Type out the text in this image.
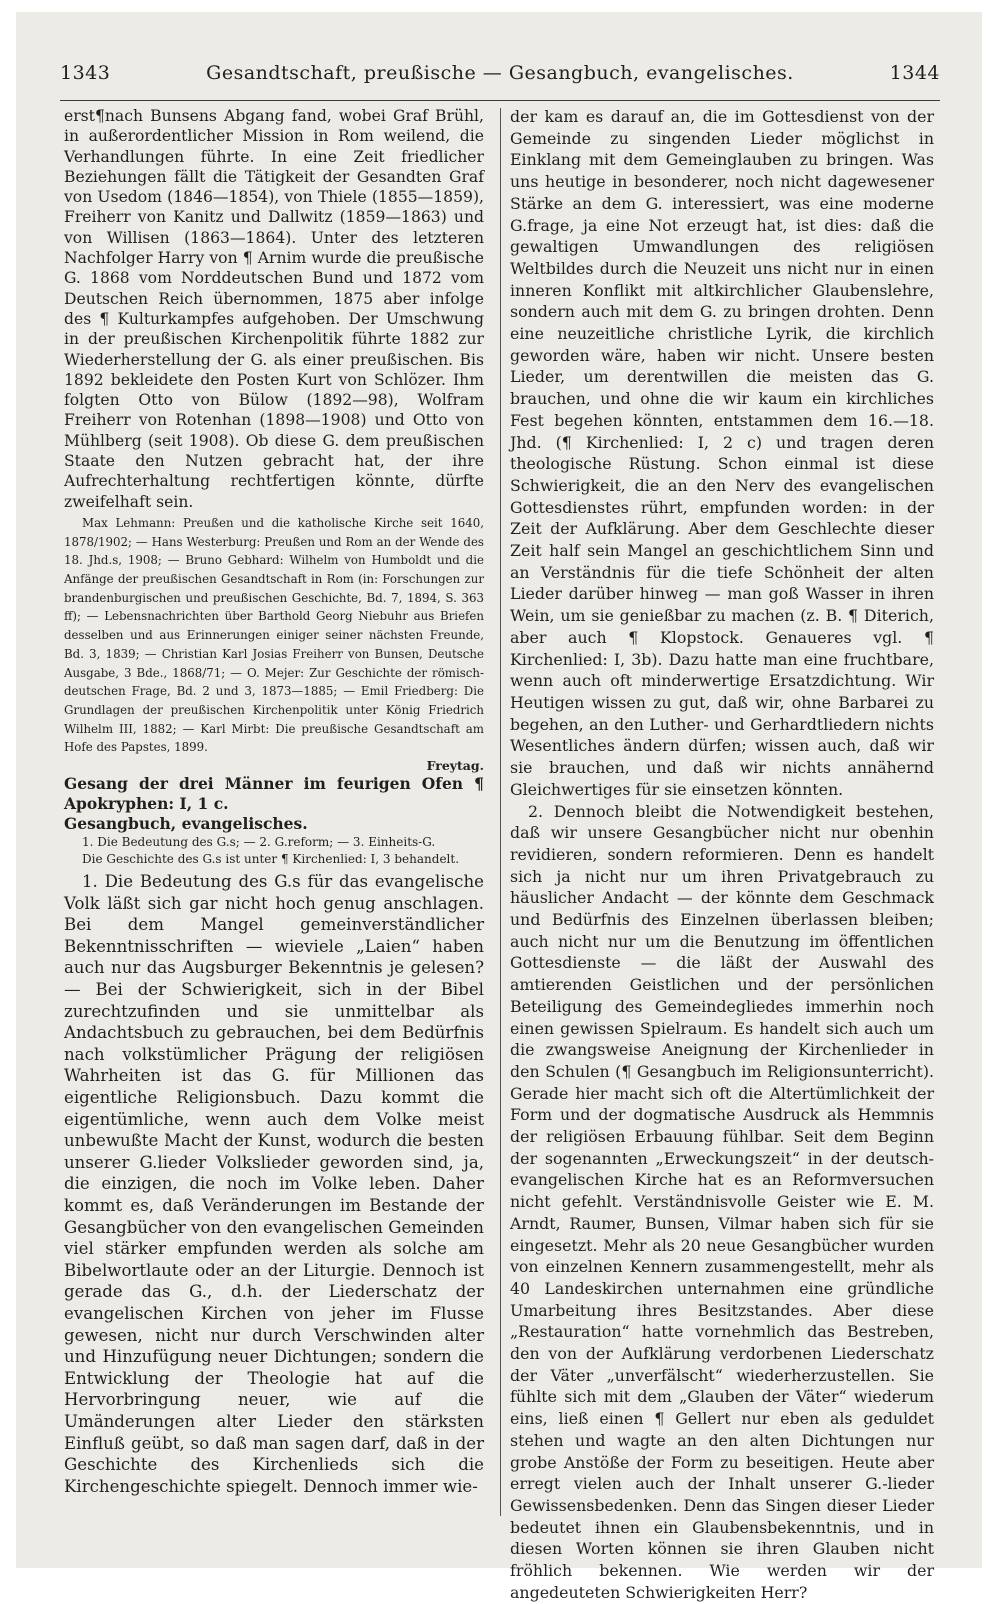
1343	Gesandtschaft, preußische — Gesangbuch, evangelisches.	1344

erst¶nach Bunsens Abgang fand, wobei Graf Brühl, in außerordentlicher Mission in Rom weilend, die Verhandlungen führte. In eine Zeit friedlicher Beziehungen fällt die Tätigkeit der Gesandten Graf von Usedom (1846—1854), von Thiele (1855—1859), Freiherr von Kanitz und Dallwitz (1859—1863) und von Willisen (1863—1864). Unter des letzteren Nachfolger Harry von ¶ Arnim wurde die preußische G. 1868 vom Norddeutschen Bund und 1872 vom Deutschen Reich übernommen, 1875 aber infolge des ¶ Kulturkampfes aufgehoben. Der Umschwung in der preußischen Kirchenpolitik führte 1882 zur Wiederherstellung der G. als einer preußischen. Bis 1892 bekleidete den Posten Kurt von Schlözer. Ihm folgten Otto von Bülow (1892—98), Wolfram Freiherr von Rotenhan (1898—1908) und Otto von Mühlberg (seit 1908). Ob diese G. dem preußischen Staate den Nutzen gebracht hat, der ihre Aufrechterhaltung rechtfertigen könnte, dürfte zweifelhaft sein.

Max Lehmann: Preußen und die katholische Kirche seit 1640, 1878/1902; — Hans Westerburg: Preußen und Rom an der Wende des 18. Jhd.s, 1908; — Bruno Gebhard: Wilhelm von Humboldt und die Anfänge der preußischen Gesandtschaft in Rom (in: Forschungen zur brandenburgischen und preußischen Geschichte, Bd. 7, 1894, S. 363 ff); — Lebensnachrichten über Barthold Georg Niebuhr aus Briefen desselben und aus Erinnerungen einiger seiner nächsten Freunde, Bd. 3, 1839; — Christian Karl Josias Freiherr von Bunsen, Deutsche Ausgabe, 3 Bde., 1868/71; — O. Mejer: Zur Geschichte der römisch-deutschen Frage, Bd. 2 und 3, 1873—1885; — Emil Friedberg: Die Grundlagen der preußischen Kirchenpolitik unter König Friedrich Wilhelm III, 1882; — Karl Mirbt: Die preußische Gesandtschaft am Hofe des Papstes, 1899.

Freytag.

Gesang der drei Männer im feurigen Ofen ¶ Apokryphen: I, 1 c.

Gesangbuch, evangelisches.

1. Die Bedeutung des G.s; — 2. G.reform; — 3. Einheits-G.

Die Geschichte des G.s ist unter ¶ Kirchenlied: I, 3 behandelt.

1. Die Bedeutung des G.s für das evangelische Volk läßt sich gar nicht hoch genug anschlagen. Bei dem Mangel gemeinverständlicher Bekenntnisschriften — wieviele „Laien“ haben auch nur das Augsburger Bekenntnis je gelesen? — Bei der Schwierigkeit, sich in der Bibel zurechtzufinden und sie unmittelbar als Andachtsbuch zu gebrauchen, bei dem Bedürfnis nach volkstümlicher Prägung der religiösen Wahrheiten ist das G. für Millionen das eigentliche Religionsbuch. Dazu kommt die eigentümliche, wenn auch dem Volke meist unbewußte Macht der Kunst, wodurch die besten unserer G.lieder Volkslieder geworden sind, ja, die einzigen, die noch im Volke leben. Daher kommt es, daß Veränderungen im Bestande der Gesangbücher von den evangelischen Gemeinden viel stärker empfunden werden als solche am Bibelwortlaute oder an der Liturgie. Dennoch ist gerade das G., d.h. der Liederschatz der evangelischen Kirchen von jeher im Flusse gewesen, nicht nur durch Verschwinden alter und Hinzufügung neuer Dichtungen; sondern die Entwicklung der Theologie hat auf die Hervorbringung neuer, wie auf die Umänderungen alter Lieder den stärksten Einfluß geübt, so daß man sagen darf, daß in der Geschichte des Kirchenlieds sich die Kirchengeschichte spiegelt. Dennoch immer wie-

der kam es darauf an, die im Gottesdienst von der Gemeinde zu singenden Lieder möglichst in Einklang mit dem Gemeinglauben zu bringen. Was uns heutige in besonderer, noch nicht dagewesener Stärke an dem G. interessiert, was eine moderne G.frage, ja eine Not erzeugt hat, ist dies: daß die gewaltigen Umwandlungen des religiösen Weltbildes durch die Neuzeit uns nicht nur in einen inneren Konflikt mit altkirchlicher Glaubenslehre, sondern auch mit dem G. zu bringen drohten. Denn eine neuzeitliche christliche Lyrik, die kirchlich geworden wäre, haben wir nicht. Unsere besten Lieder, um derentwillen die meisten das G. brauchen, und ohne die wir kaum ein kirchliches Fest begehen könnten, entstammen dem 16.—18. Jhd. (¶ Kirchenlied: I, 2 c) und tragen deren theologische Rüstung. Schon einmal ist diese Schwierigkeit, die an den Nerv des evangelischen Gottesdienstes rührt, empfunden worden: in der Zeit der Aufklärung. Aber dem Geschlechte dieser Zeit half sein Mangel an geschichtlichem Sinn und an Verständnis für die tiefe Schönheit der alten Lieder darüber hinweg — man goß Wasser in ihren Wein, um sie genießbar zu machen (z. B. ¶ Diterich, aber auch ¶ Klopstock. Genaueres vgl. ¶ Kirchenlied: I, 3b). Dazu hatte man eine fruchtbare, wenn auch oft minderwertige Ersatzdichtung. Wir Heutigen wissen zu gut, daß wir, ohne Barbarei zu begehen, an den Luther- und Gerhardtliedern nichts Wesentliches ändern dürfen; wissen auch, daß wir sie brauchen, und daß wir nichts annähernd Gleichwertiges für sie einsetzen könnten.

2. Dennoch bleibt die Notwendigkeit bestehen, daß wir unsere Gesangbücher nicht nur obenhin revidieren, sondern reformieren. Denn es handelt sich ja nicht nur um ihren Privatgebrauch zu häuslicher Andacht — der könnte dem Geschmack und Bedürfnis des Einzelnen überlassen bleiben; auch nicht nur um die Benutzung im öffentlichen Gottesdienste — die läßt der Auswahl des amtierenden Geistlichen und der persönlichen Beteiligung des Gemeindegliedes immerhin noch einen gewissen Spielraum. Es handelt sich auch um die zwangsweise Aneignung der Kirchenlieder in den Schulen (¶ Gesangbuch im Religionsunterricht). Gerade hier macht sich oft die Altertümlichkeit der Form und der dogmatische Ausdruck als Hemmnis der religiösen Erbauung fühlbar. Seit dem Beginn der sogenannten „Erweckungszeit“ in der deutsch-evangelischen Kirche hat es an Reformversuchen nicht gefehlt. Verständnisvolle Geister wie E. M. Arndt, Raumer, Bunsen, Vilmar haben sich für sie eingesetzt. Mehr als 20 neue Gesangbücher wurden von einzelnen Kennern zusammengestellt, mehr als 40 Landeskirchen unternahmen eine gründliche Umarbeitung ihres Besitzstandes. Aber diese „Restauration“ hatte vornehmlich das Bestreben, den von der Aufklärung verdorbenen Liederschatz der Väter „unverfälscht“ wiederherzustellen. Sie fühlte sich mit dem „Glauben der Väter“ wiederum eins, ließ einen ¶ Gellert nur eben als geduldet stehen und wagte an den alten Dichtungen nur grobe Anstöße der Form zu beseitigen. Heute aber erregt vielen auch der Inhalt unserer G.-lieder Gewissensbedenken. Denn das Singen dieser Lieder bedeutet ihnen ein Glaubensbekenntnis, und in diesen Worten können sie ihren Glauben nicht fröhlich bekennen. Wie werden wir der angedeuteten Schwierigkeiten Herr?
